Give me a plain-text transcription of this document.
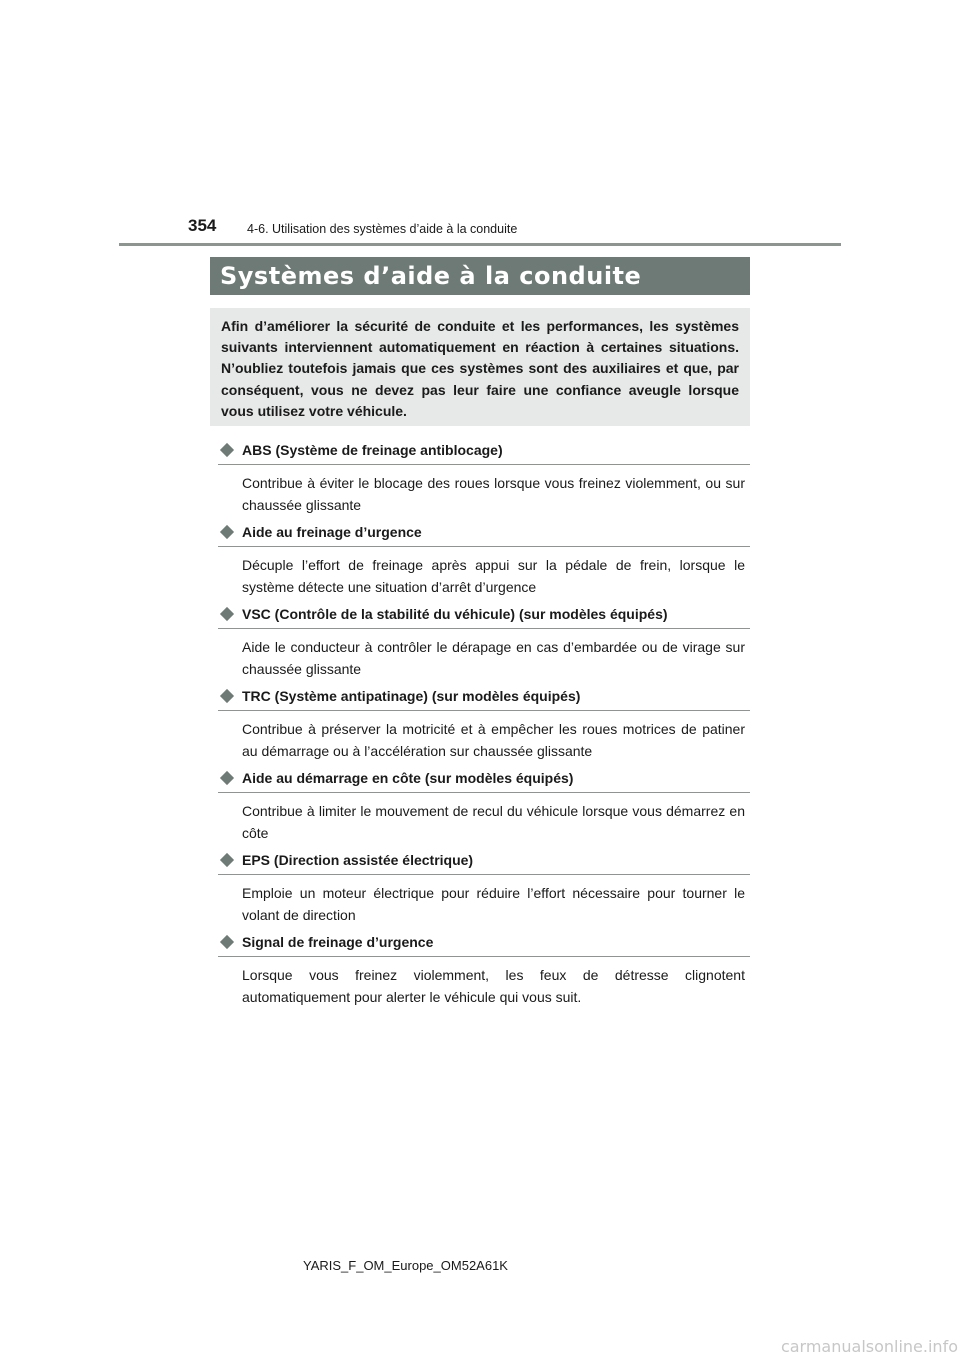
354 4-6. Utilisation des systèmes d’aide à la conduite
Systèmes d’aide à la conduite

Afin d’améliorer la sécurité de conduite et les performances, les systèmes suivants interviennent automatiquement en réaction à certaines situations. N’oubliez toutefois jamais que ces systèmes sont des auxiliaires et que, par conséquent, vous ne devez pas leur faire une confiance aveugle lorsque vous utilisez votre véhicule.

ABS (Système de freinage antiblocage)
Contribue à éviter le blocage des roues lorsque vous freinez violemment, ou sur chaussée glissante
Aide au freinage d’urgence
Décuple l’effort de freinage après appui sur la pédale de frein, lorsque le système détecte une situation d’arrêt d’urgence
VSC (Contrôle de la stabilité du véhicule) (sur modèles équipés)
Aide le conducteur à contrôler le dérapage en cas d’embardée ou de virage sur chaussée glissante
TRC (Système antipatinage) (sur modèles équipés)
Contribue à préserver la motricité et à empêcher les roues motrices de patiner au démarrage ou à l’accélération sur chaussée glissante
Aide au démarrage en côte (sur modèles équipés)
Contribue à limiter le mouvement de recul du véhicule lorsque vous démarrez en côte
EPS (Direction assistée électrique)
Emploie un moteur électrique pour réduire l’effort nécessaire pour tourner le volant de direction
Signal de freinage d’urgence
Lorsque vous freinez violemment, les feux de détresse clignotent automatiquement pour alerter le véhicule qui vous suit.
YARIS_F_OM_Europe_OM52A61K
carmanualsonline.info
